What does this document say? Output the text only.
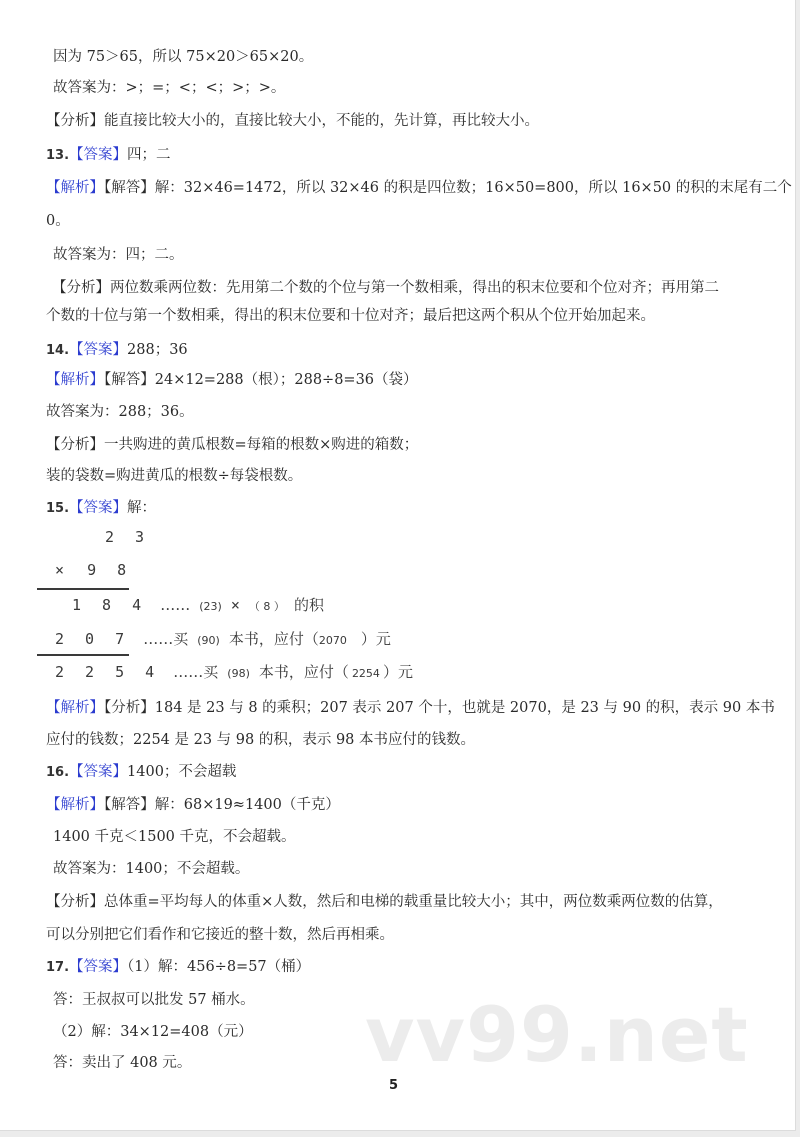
因为 75＞65，所以 75×20＞65×20。
故答案为：>；=；<；<；>；>。
【分析】能直接比较大小的，直接比较大小，不能的，先计算，再比较大小。
13.【答案】四；二
【解析】【解答】解：32×46=1472，所以 32×46 的积是四位数；16×50=800，所以 16×50 的积的末尾有二个
0。
故答案为：四；二。
【分析】两位数乘两位数：先用第二个数的个位与第一个数相乘，得出的积末位要和个位对齐；再用第二
个数的十位与第一个数相乘，得出的积末位要和十位对齐；最后把这两个积从个位开始加起来。
14.【答案】288；36
【解析】【解答】24×12=288（根）；288÷8=36（袋）
故答案为：288；36。
【分析】一共购进的黄瓜根数=每箱的根数×购进的箱数；
装的袋数=购进黄瓜的根数÷每袋根数。
15.【答案】解：
2 3
× 9 8
1 8 4 …… (23) × （ 8 ） 的积
2 0 7 ……买 (90) 本书，应付（2070 ）元
2 2 5 4 ……买 (98) 本书，应付（ 2254 ）元
【解析】【分析】184 是 23 与 8 的乘积；207 表示 207 个十，也就是 2070，是 23 与 90 的积，表示 90 本书
应付的钱数；2254 是 23 与 98 的积，表示 98 本书应付的钱数。
16.【答案】1400；不会超载
【解析】【解答】解：68×19≈1400（千克）
1400 千克＜1500 千克，不会超载。
故答案为：1400；不会超载。
【分析】总体重=平均每人的体重×人数，然后和电梯的载重量比较大小；其中，两位数乘两位数的估算，
可以分别把它们看作和它接近的整十数，然后再相乘。
17.【答案】（1）解：456÷8=57（桶）
答：王叔叔可以批发 57 桶水。
（2）解：34×12=408（元）
答：卖出了 408 元。 vv99.net
5
